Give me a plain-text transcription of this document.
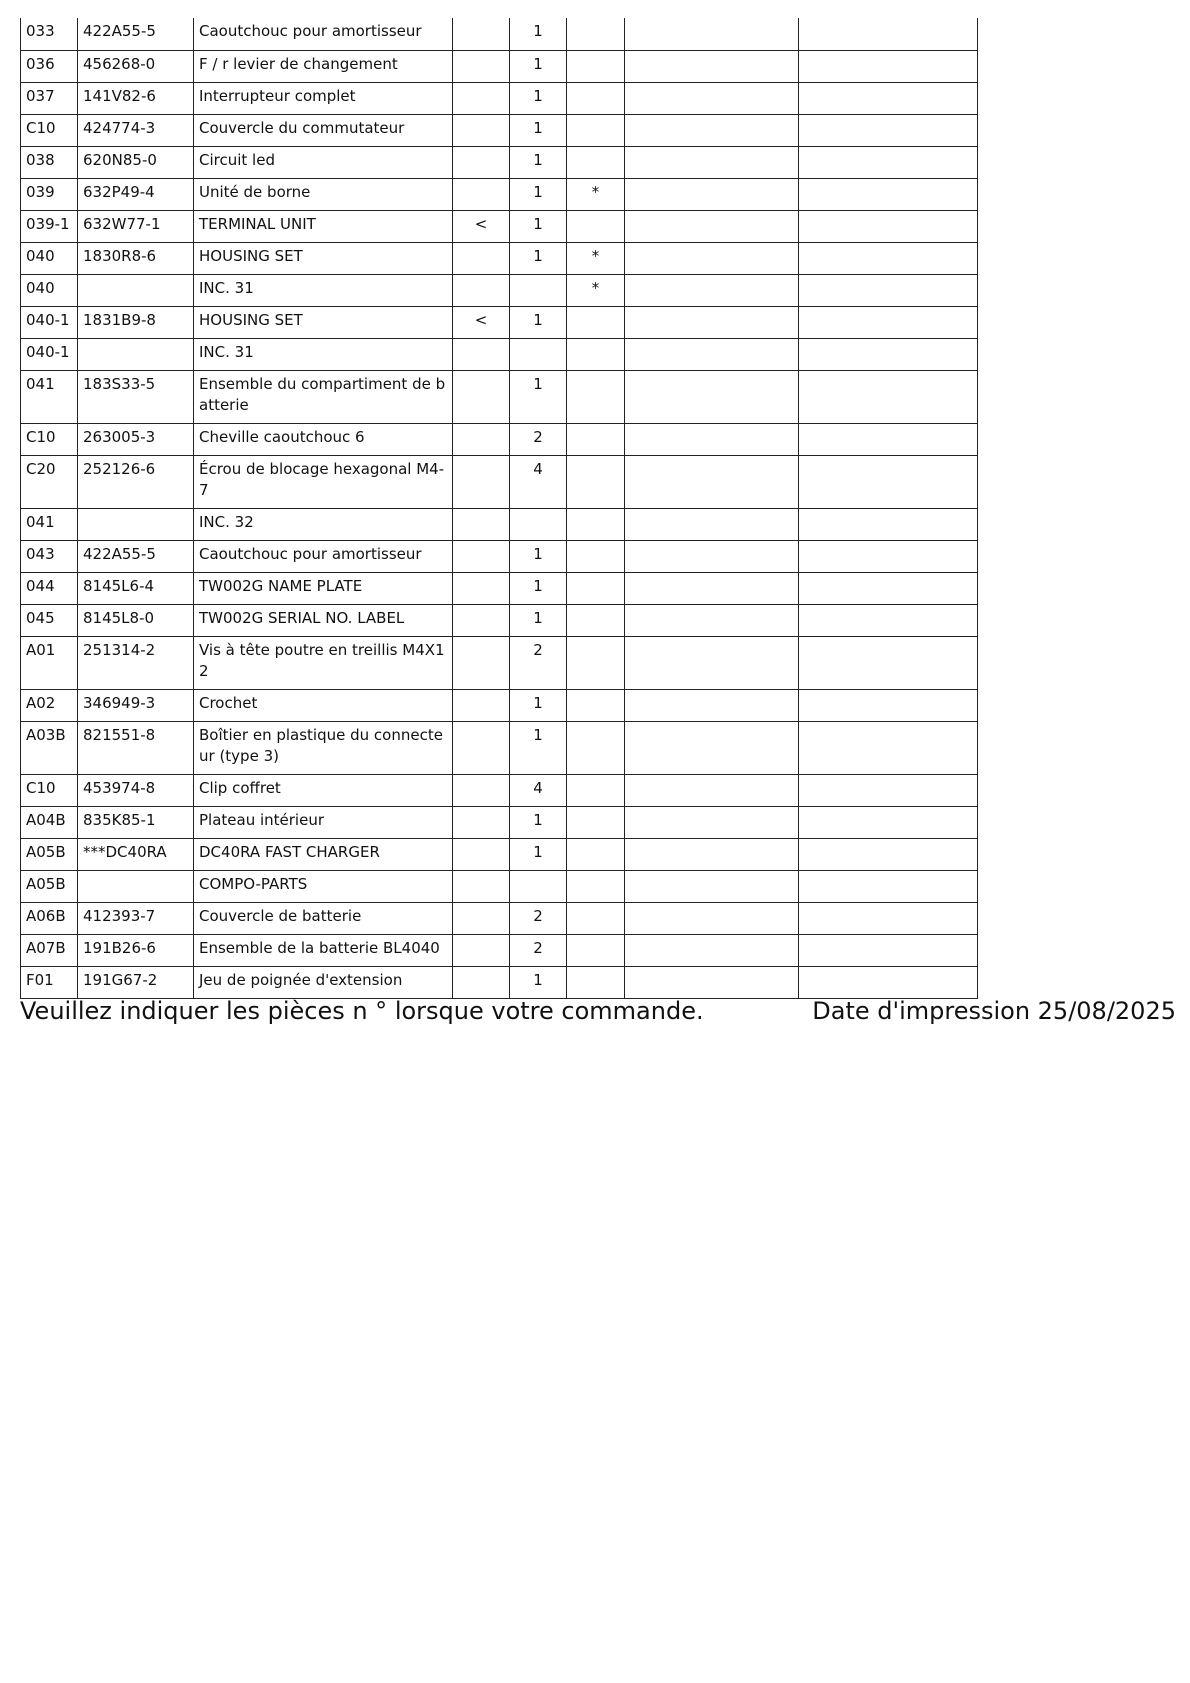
033	422A55-5	Caoutchouc pour amortisseur		1			
036	456268-0	F / r levier de changement		1			
037	141V82-6	Interrupteur complet		1			
C10	424774-3	Couvercle du commutateur		1			
038	620N85-0	Circuit led		1			
039	632P49-4	Unité de borne		1	*		
039-1	632W77-1	TERMINAL UNIT	<	1			
040	1830R8-6	HOUSING SET		1	*		
040		INC. 31			*		
040-1	1831B9-8	HOUSING SET	<	1			
040-1		INC. 31					
041	183S33-5	Ensemble du compartiment de b atterie		1			
C10	263005-3	Cheville caoutchouc 6		2			
C20	252126-6	Écrou de blocage hexagonal M4- 7		4			
041		INC. 32					
043	422A55-5	Caoutchouc pour amortisseur		1			
044	8145L6-4	TW002G NAME PLATE		1			
045	8145L8-0	TW002G SERIAL NO. LABEL		1			
A01	251314-2	Vis à tête poutre en treillis M4X1 2		2			
A02	346949-3	Crochet		1			
A03B	821551-8	Boîtier en plastique du connecte ur (type 3)		1			
C10	453974-8	Clip coffret		4			
A04B	835K85-1	Plateau intérieur		1			
A05B	***DC40RA	DC40RA FAST CHARGER		1			
A05B		COMPO-PARTS					
A06B	412393-7	Couvercle de batterie		2			
A07B	191B26-6	Ensemble de la batterie BL4040		2			
F01	191G67-2	Jeu de poignée d'extension		1			
Veuillez indiquer les pièces n ° lorsque votre commande.	Date d'impression 25/08/2025
